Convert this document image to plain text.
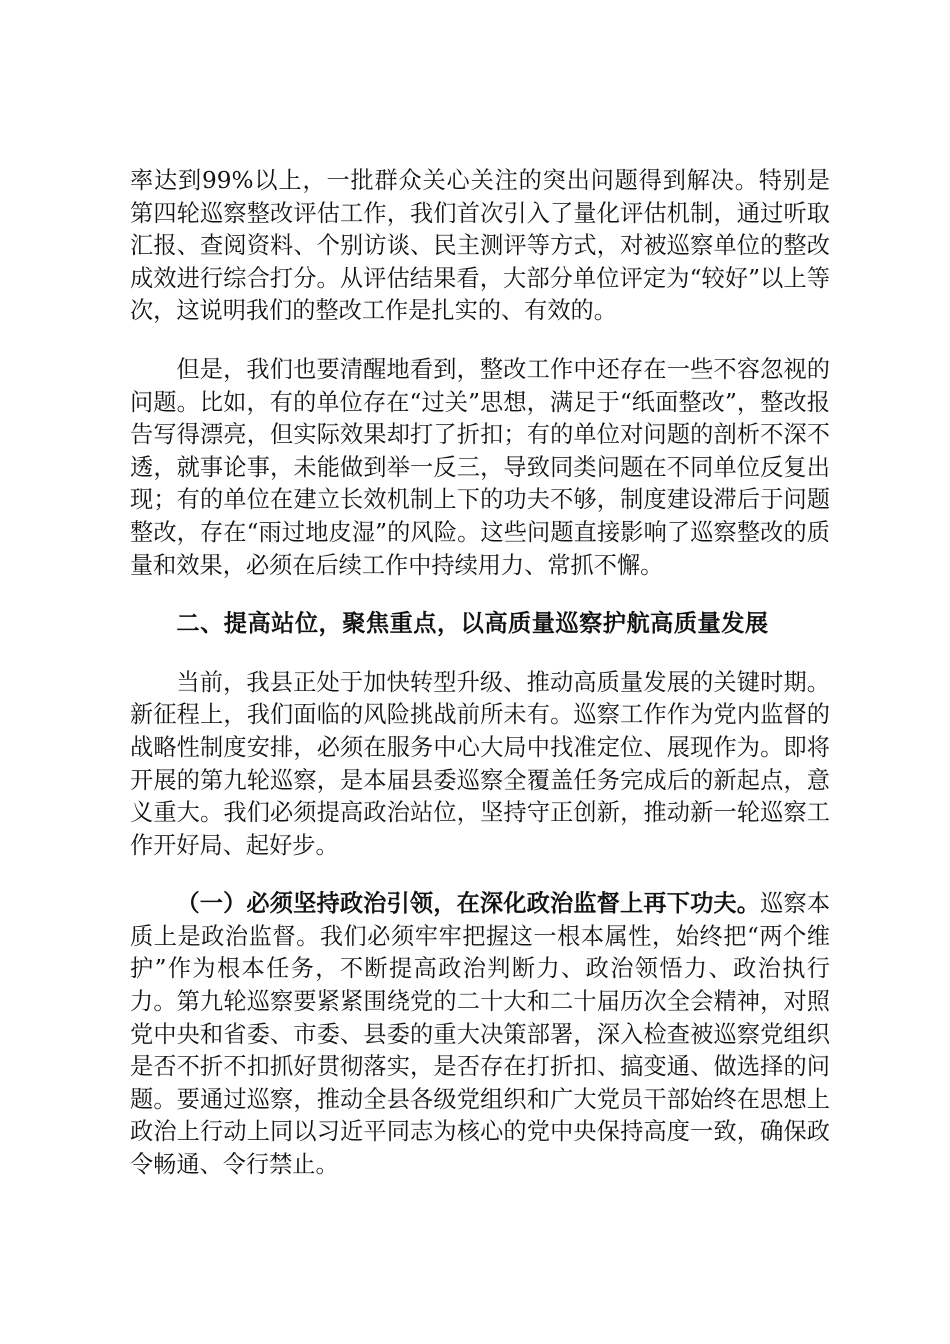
率达到99%以上，一批群众关心关注的突出问题得到解决。特别是第四轮巡察整改评估工作，我们首次引入了量化评估机制，通过听取汇报、查阅资料、个别访谈、民主测评等方式，对被巡察单位的整改成效进行综合打分。从评估结果看，大部分单位评定为“较好”以上等次，这说明我们的整改工作是扎实的、有效的。

但是，我们也要清醒地看到，整改工作中还存在一些不容忽视的问题。比如，有的单位存在“过关”思想，满足于“纸面整改”，整改报告写得漂亮，但实际效果却打了折扣；有的单位对问题的剖析不深不透，就事论事，未能做到举一反三，导致同类问题在不同单位反复出现；有的单位在建立长效机制上下的功夫不够，制度建设滞后于问题整改，存在“雨过地皮湿”的风险。这些问题直接影响了巡察整改的质量和效果，必须在后续工作中持续用力、常抓不懈。

二、提高站位，聚焦重点，以高质量巡察护航高质量发展

当前，我县正处于加快转型升级、推动高质量发展的关键时期。新征程上，我们面临的风险挑战前所未有。巡察工作作为党内监督的战略性制度安排，必须在服务中心大局中找准定位、展现作为。即将开展的第九轮巡察，是本届县委巡察全覆盖任务完成后的新起点，意义重大。我们必须提高政治站位，坚持守正创新，推动新一轮巡察工作开好局、起好步。

（一）必须坚持政治引领，在深化政治监督上再下功夫。巡察本质上是政治监督。我们必须牢牢把握这一根本属性，始终把“两个维护”作为根本任务，不断提高政治判断力、政治领悟力、政治执行力。第九轮巡察要紧紧围绕党的二十大和二十届历次全会精神，对照党中央和省委、市委、县委的重大决策部署，深入检查被巡察党组织是否不折不扣抓好贯彻落实，是否存在打折扣、搞变通、做选择的问题。要通过巡察，推动全县各级党组织和广大党员干部始终在思想上政治上行动上同以习近平同志为核心的党中央保持高度一致，确保政令畅通、令行禁止。
